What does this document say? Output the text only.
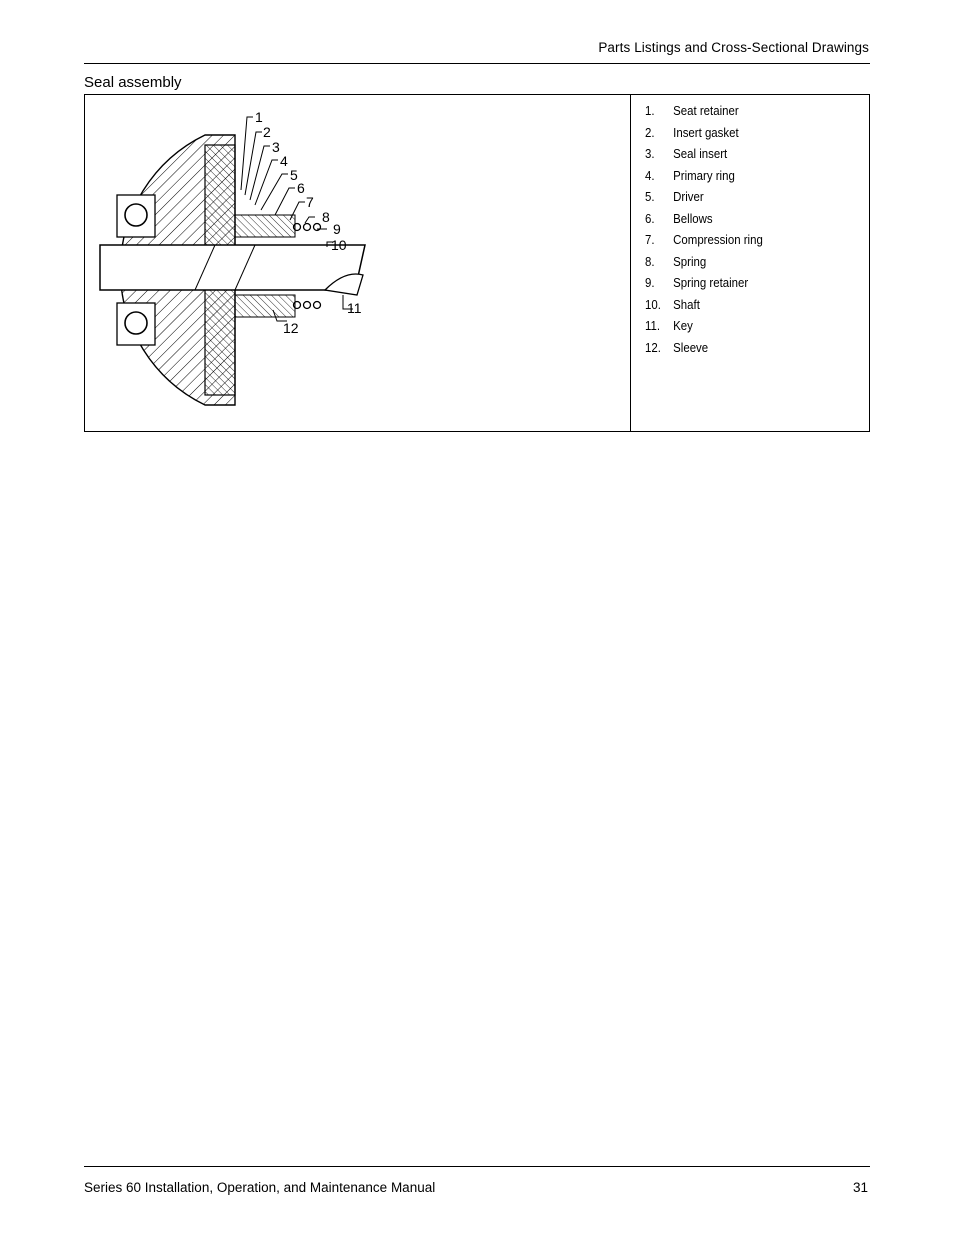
Parts Listings and Cross-Sectional Drawings
Seal assembly
1
2
3
4
5
6
7
8
9
10
11
12
1. Seat retainer
2. Insert gasket
3. Seal insert
4. Primary ring
5. Driver
6. Bellows
7. Compression ring
8. Spring
9. Spring retainer
10. Shaft
11. Key
12. Sleeve
Series 60 Installation, Operation, and Maintenance Manual	31
